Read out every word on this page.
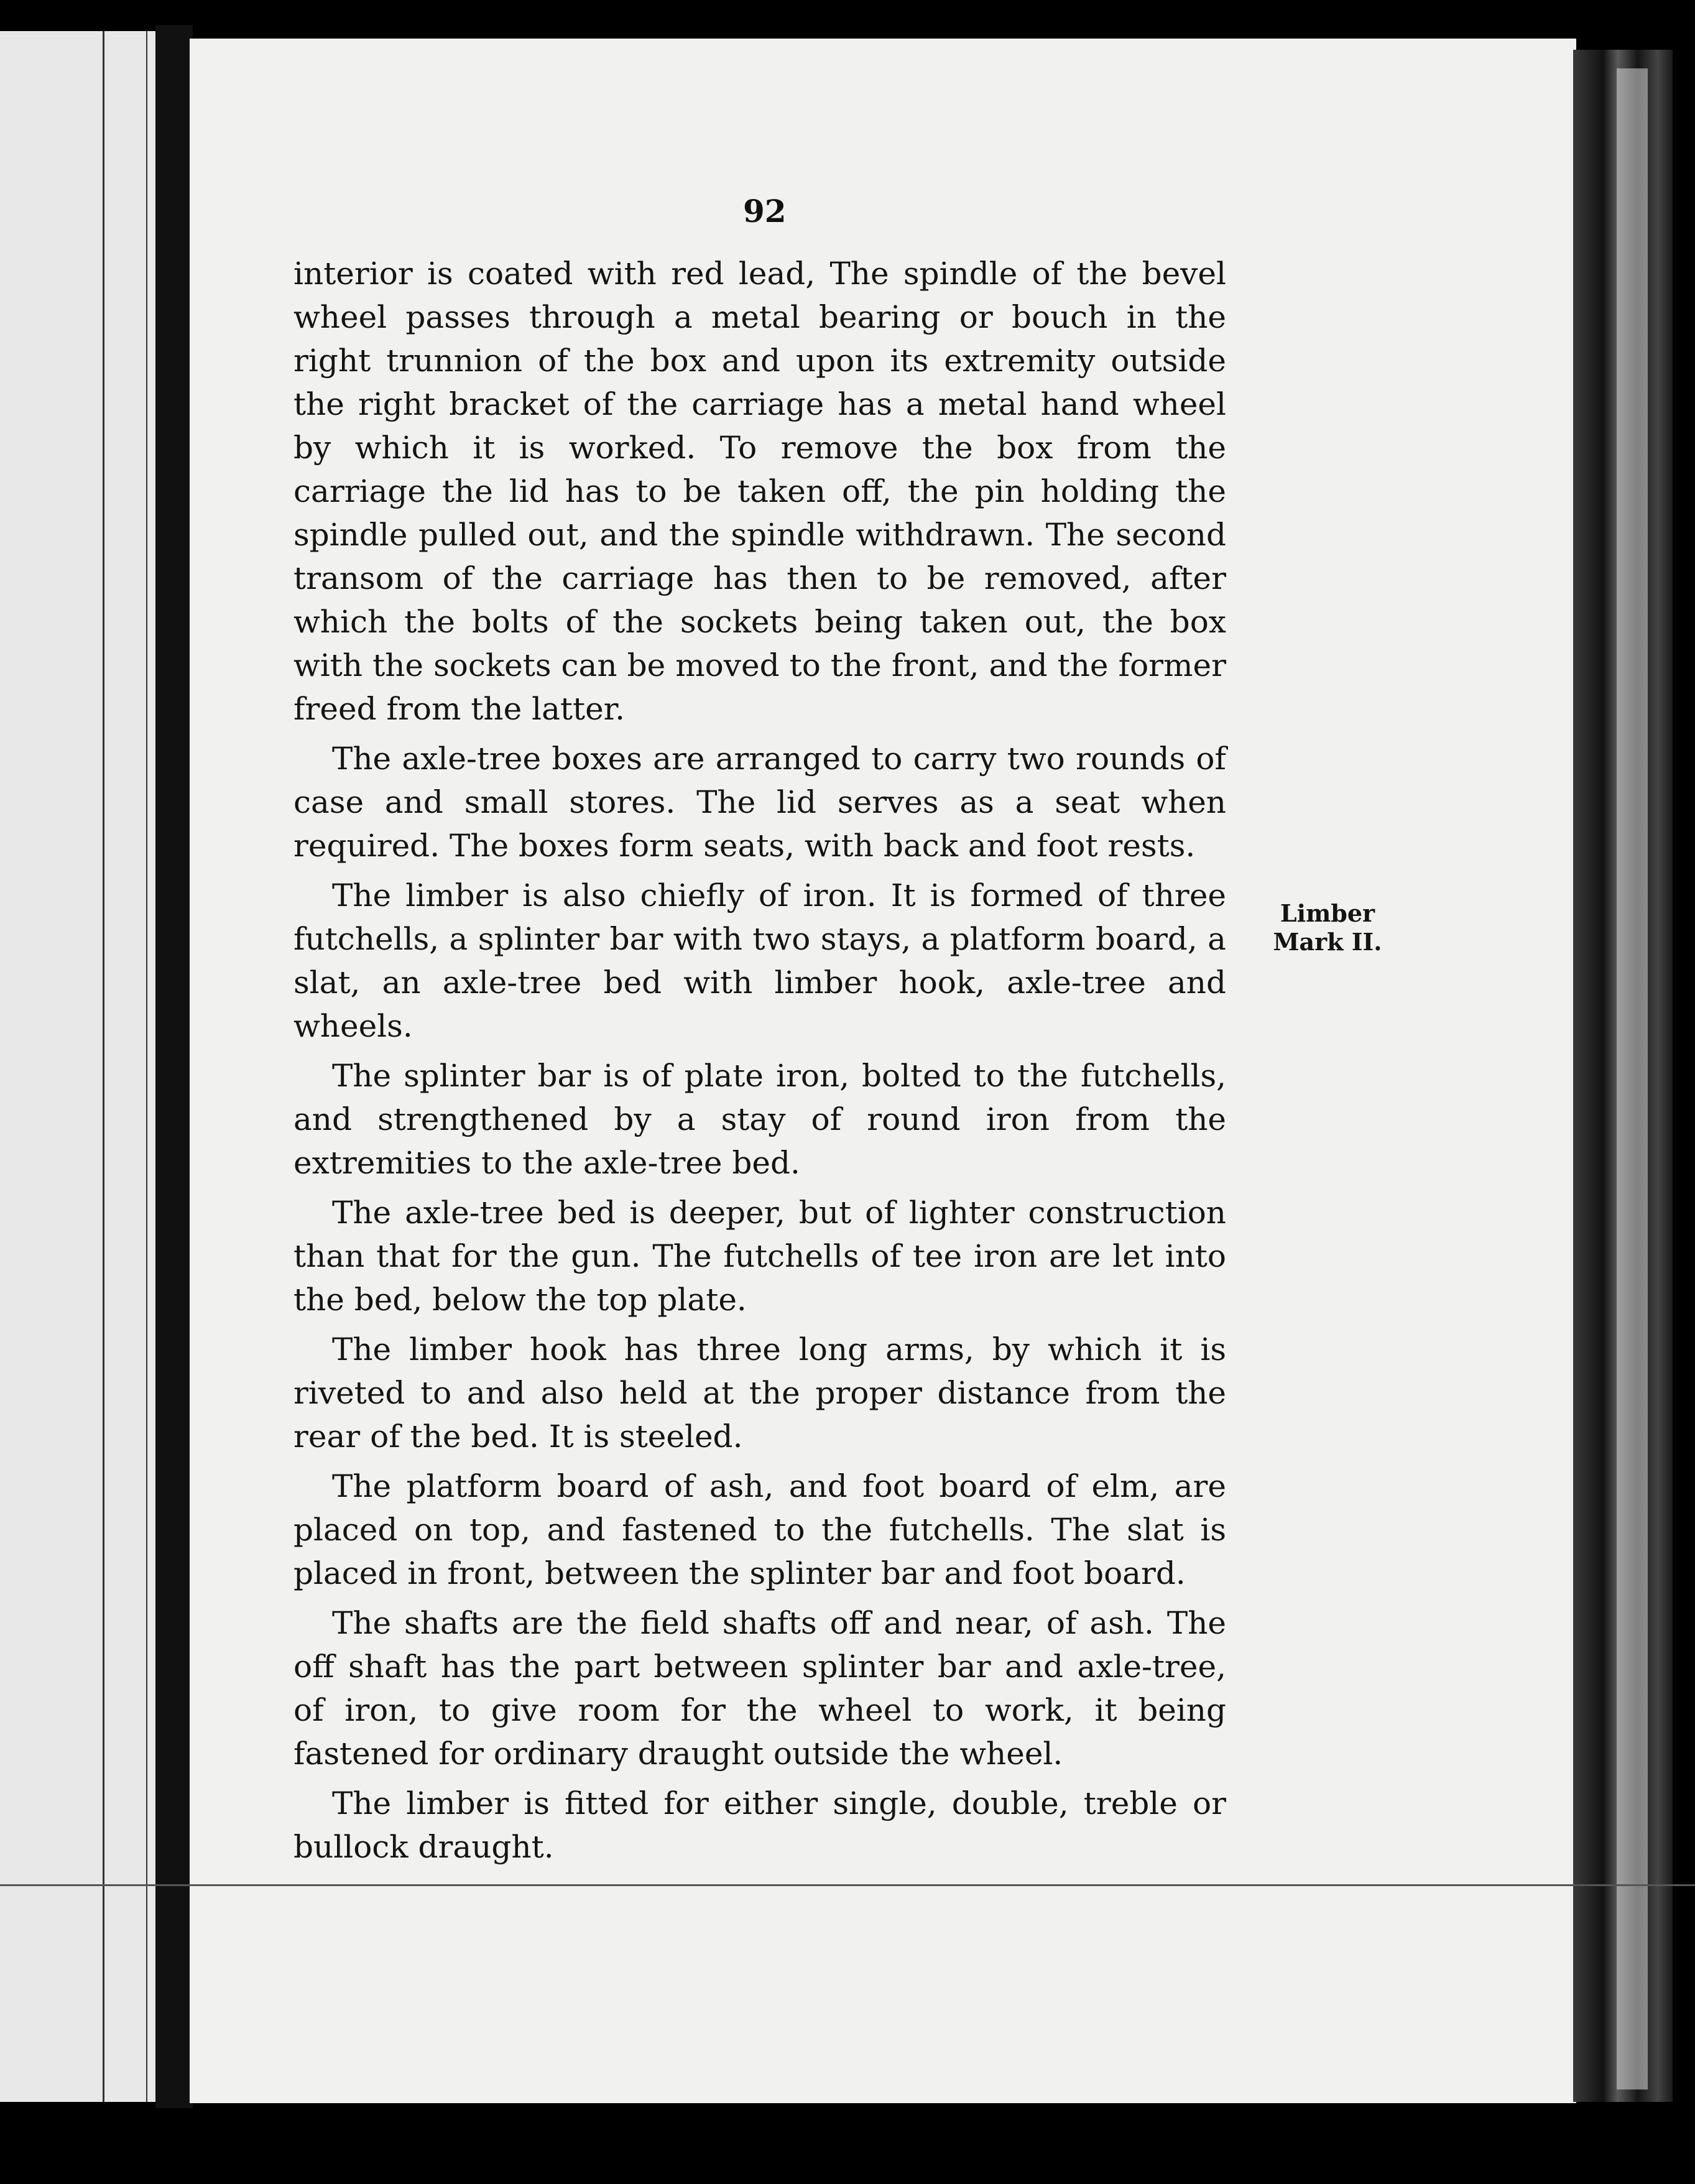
92

interior is coated with red lead, The spindle of the bevel wheel passes through a metal bearing or bouch in the right trunnion of the box and upon its extremity outside the right bracket of the carriage has a metal hand wheel by which it is worked. To remove the box from the carriage the lid has to be taken off, the pin holding the spindle pulled out, and the spindle withdrawn. The second transom of the carriage has then to be removed, after which the bolts of the sockets being taken out, the box with the sockets can be moved to the front, and the former freed from the latter.

The axle-tree boxes are arranged to carry two rounds of case and small stores. The lid serves as a seat when required. The boxes form seats, with back and foot rests.

The limber is also chiefly of iron. It is formed of three futchells, a splinter bar with two stays, a platform board, a slat, an axle-tree bed with limber hook, axle-tree and wheels.

The splinter bar is of plate iron, bolted to the futchells, and strengthened by a stay of round iron from the extremities to the axle-tree bed.

The axle-tree bed is deeper, but of lighter construction than that for the gun. The futchells of tee iron are let into the bed, below the top plate.

The limber hook has three long arms, by which it is riveted to and also held at the proper distance from the rear of the bed. It is steeled.

The platform board of ash, and foot board of elm, are placed on top, and fastened to the futchells. The slat is placed in front, between the splinter bar and foot board.

The shafts are the field shafts off and near, of ash. The off shaft has the part between splinter bar and axle-tree, of iron, to give room for the wheel to work, it being fastened for ordinary draught outside the wheel.

The limber is fitted for either single, double, treble or bullock draught.

Limber
Mark II.
